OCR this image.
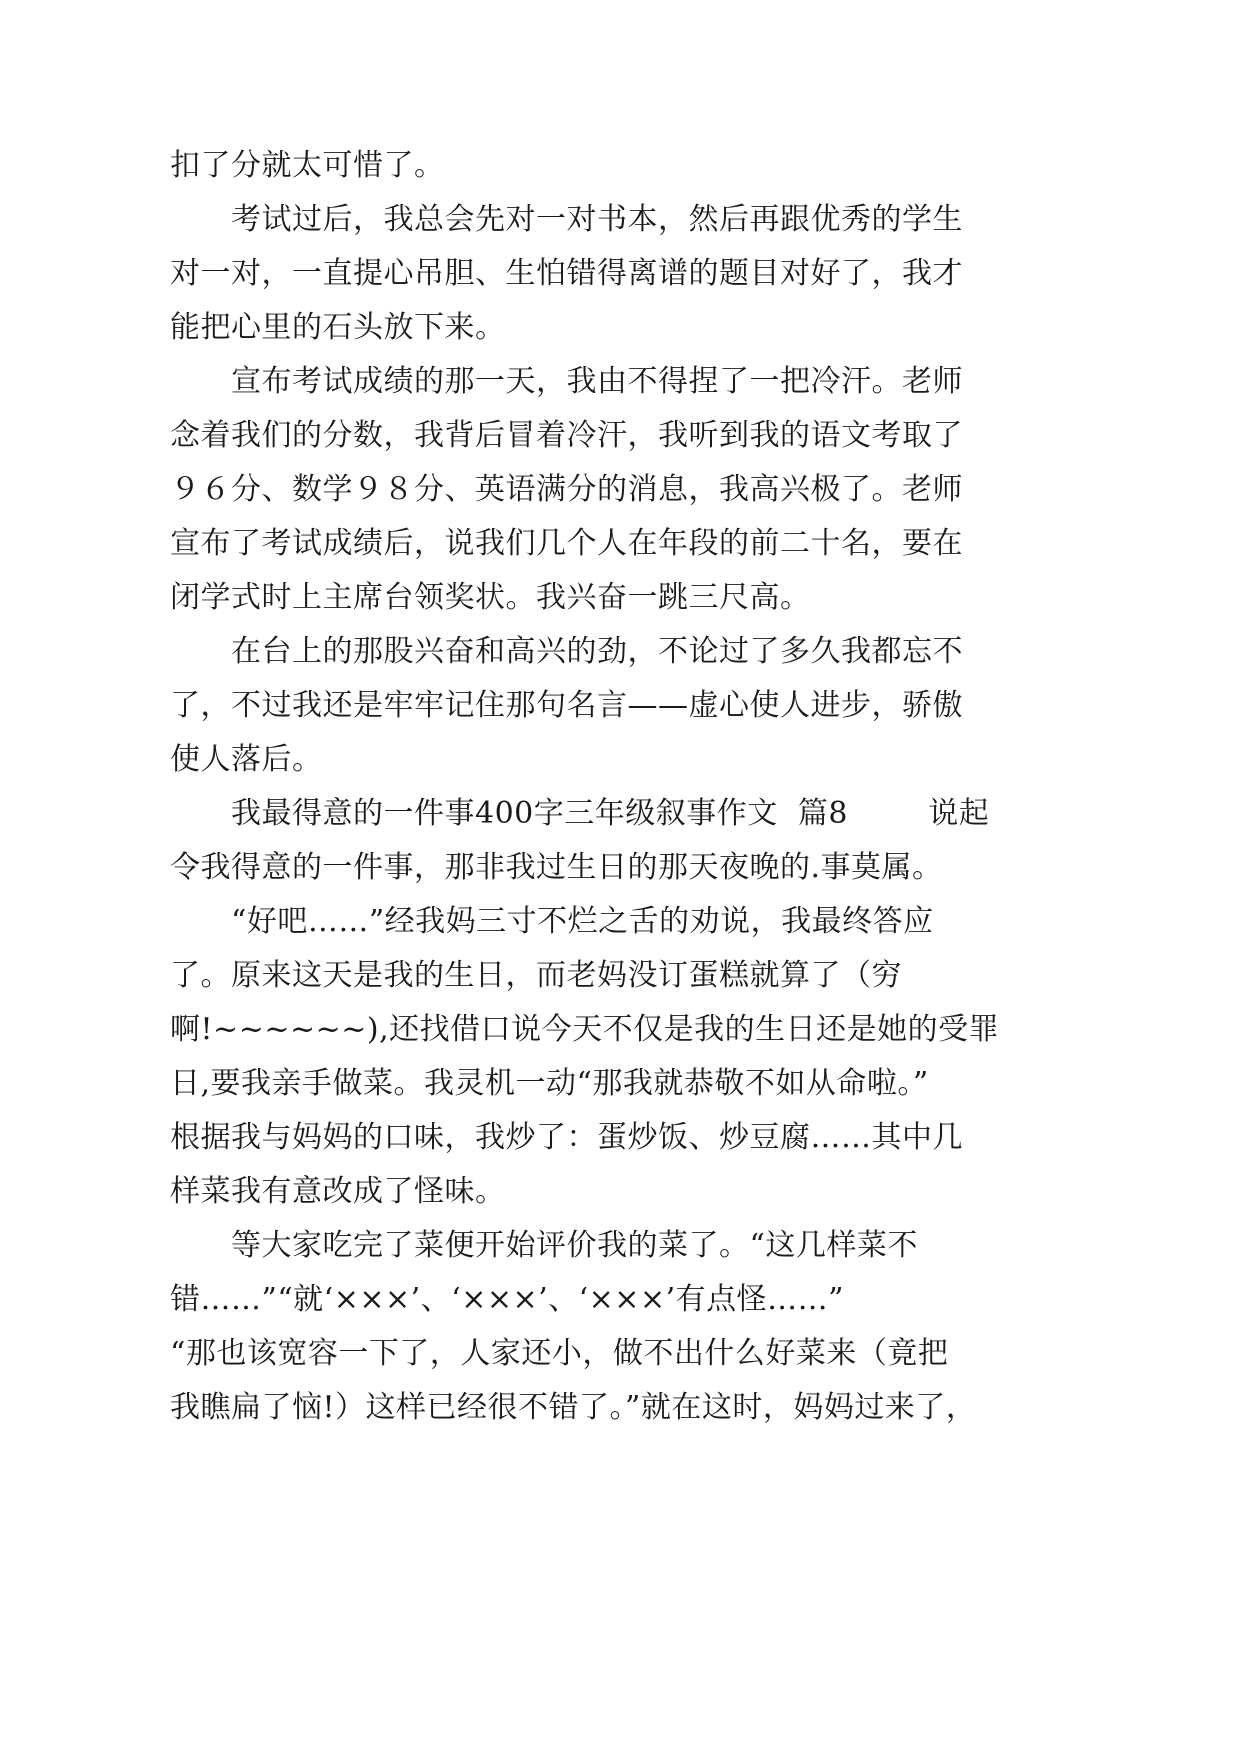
扣了分就太可惜了。
考试过后，我总会先对一对书本，然后再跟优秀的学生
对一对，一直提心吊胆、生怕错得离谱的题目对好了，我才
能把心里的石头放下来。
宣布考试成绩的那一天，我由不得捏了一把冷汗。老师
念着我们的分数，我背后冒着冷汗，我听到我的语文考取了
９６分、数学９８分、英语满分的消息，我高兴极了。老师
宣布了考试成绩后，说我们几个人在年段的前二十名，要在
闭学式时上主席台领奖状。我兴奋一跳三尺高。
在台上的那股兴奋和高兴的劲，不论过了多久我都忘不
了，不过我还是牢牢记住那句名言——虚心使人进步，骄傲
使人落后。
我最得意的一件事400字三年级叙事作文  篇8        说起
令我得意的一件事，那非我过生日的那天夜晚的.事莫属。
“好吧……”经我妈三寸不烂之舌的劝说，我最终答应
了。原来这天是我的生日，而老妈没订蛋糕就算了（穷
啊!~~~~~~),还找借口说今天不仅是我的生日还是她的受罪
日,要我亲手做菜。我灵机一动“那我就恭敬不如从命啦。”
根据我与妈妈的口味，我炒了：蛋炒饭、炒豆腐……其中几
样菜我有意改成了怪味。
等大家吃完了菜便开始评价我的菜了。“这几样菜不
错……”“就‘×××’、‘×××’、‘×××’有点怪……”
“那也该宽容一下了，人家还小，做不出什么好菜来（竟把
我瞧扁了恼!）这样已经很不错了。”就在这时，妈妈过来了，
